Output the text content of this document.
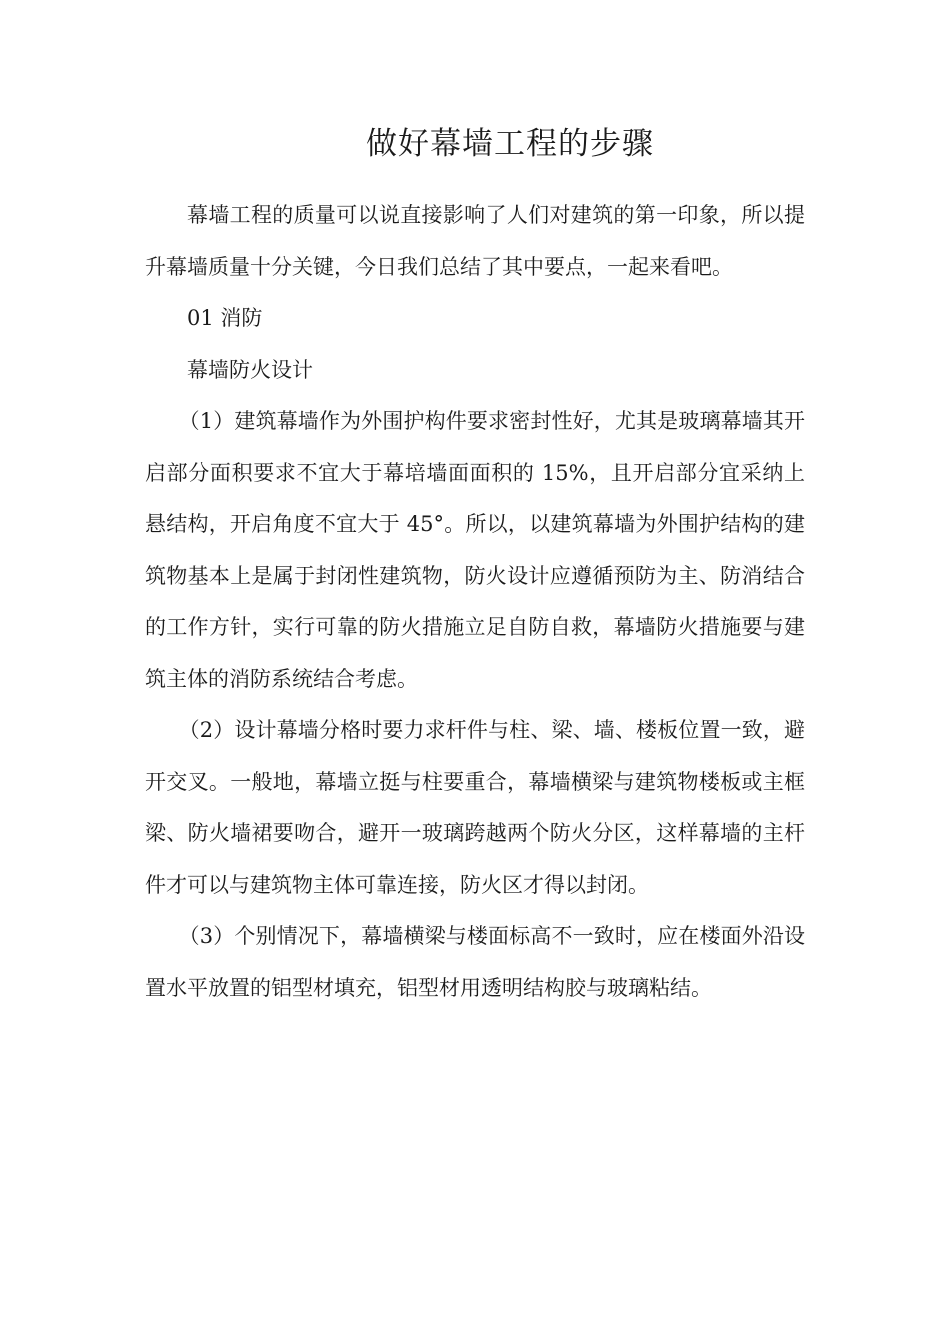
做好幕墙工程的步骤

幕墙工程的质量可以说直接影响了人们对建筑的第一印象，所以提升幕墙质量十分关键，今日我们总结了其中要点，一起来看吧。

01 消防

幕墙防火设计

（1）建筑幕墙作为外围护构件要求密封性好，尤其是玻璃幕墙其开启部分面积要求不宜大于幕培墙面面积的 15%，且开启部分宜采纳上悬结构，开启角度不宜大于 45°。所以，以建筑幕墙为外围护结构的建筑物基本上是属于封闭性建筑物，防火设计应遵循预防为主、防消结合的工作方针，实行可靠的防火措施立足自防自救，幕墙防火措施要与建筑主体的消防系统结合考虑。

（2）设计幕墙分格时要力求杆件与柱、梁、墙、楼板位置一致，避开交叉。一般地，幕墙立挺与柱要重合，幕墙横梁与建筑物楼板或主框梁、防火墙裙要吻合，避开一玻璃跨越两个防火分区，这样幕墙的主杆件才可以与建筑物主体可靠连接，防火区才得以封闭。

（3）个别情况下，幕墙横梁与楼面标高不一致时，应在楼面外沿设置水平放置的铝型材填充，铝型材用透明结构胶与玻璃粘结。
